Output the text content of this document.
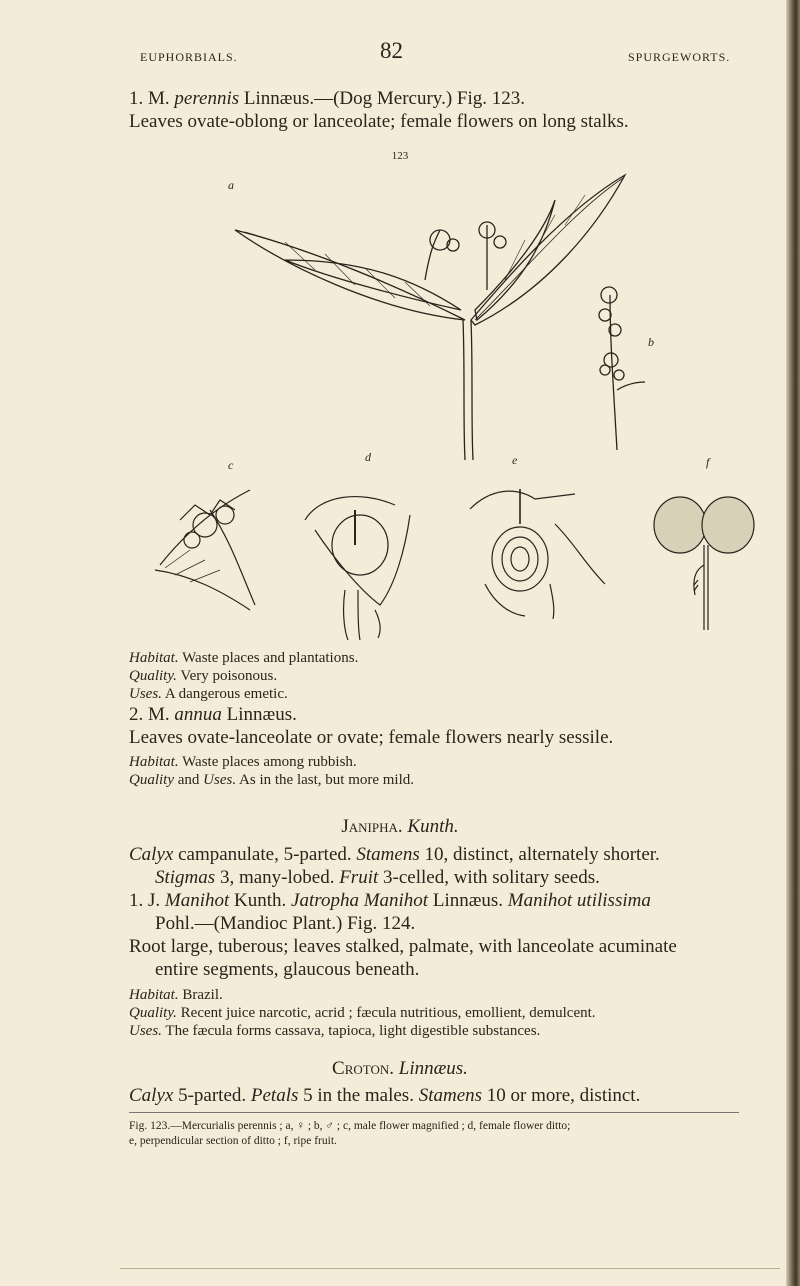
EUPHORBIALS.	82	SPURGEWORTS.
1. M. perennis Linnæus.—(Dog Mercury.) Fig. 123.
Leaves ovate-oblong or lanceolate; female flowers on long stalks.
123
a
b
c
d	e	f
Habitat. Waste places and plantations.
Quality. Very poisonous.
Uses. A dangerous emetic.
2. M. annua Linnæus.
Leaves ovate-lanceolate or ovate; female flowers nearly sessile.
Habitat. Waste places among rubbish.
Quality and Uses. As in the last, but more mild.
Janipha. Kunth.
Calyx campanulate, 5-parted. Stamens 10, distinct, alternately shorter.
Stigmas 3, many-lobed. Fruit 3-celled, with solitary seeds.
1. J. Manihot Kunth. Jatropha Manihot Linnæus. Manihot utilissima
Pohl.—(Mandioc Plant.) Fig. 124.
Root large, tuberous; leaves stalked, palmate, with lanceolate acuminate
entire segments, glaucous beneath.
Habitat. Brazil.
Quality. Recent juice narcotic, acrid ; fæcula nutritious, emollient, demulcent.
Uses. The fæcula forms cassava, tapioca, light digestible substances.
Croton. Linnæus.
Calyx 5-parted. Petals 5 in the males. Stamens 10 or more, distinct.
Fig. 123.—Mercurialis perennis ; a, ♀ ; b, ♂ ; c, male flower magnified ; d, female flower ditto;
e, perpendicular section of ditto ; f, ripe fruit.
